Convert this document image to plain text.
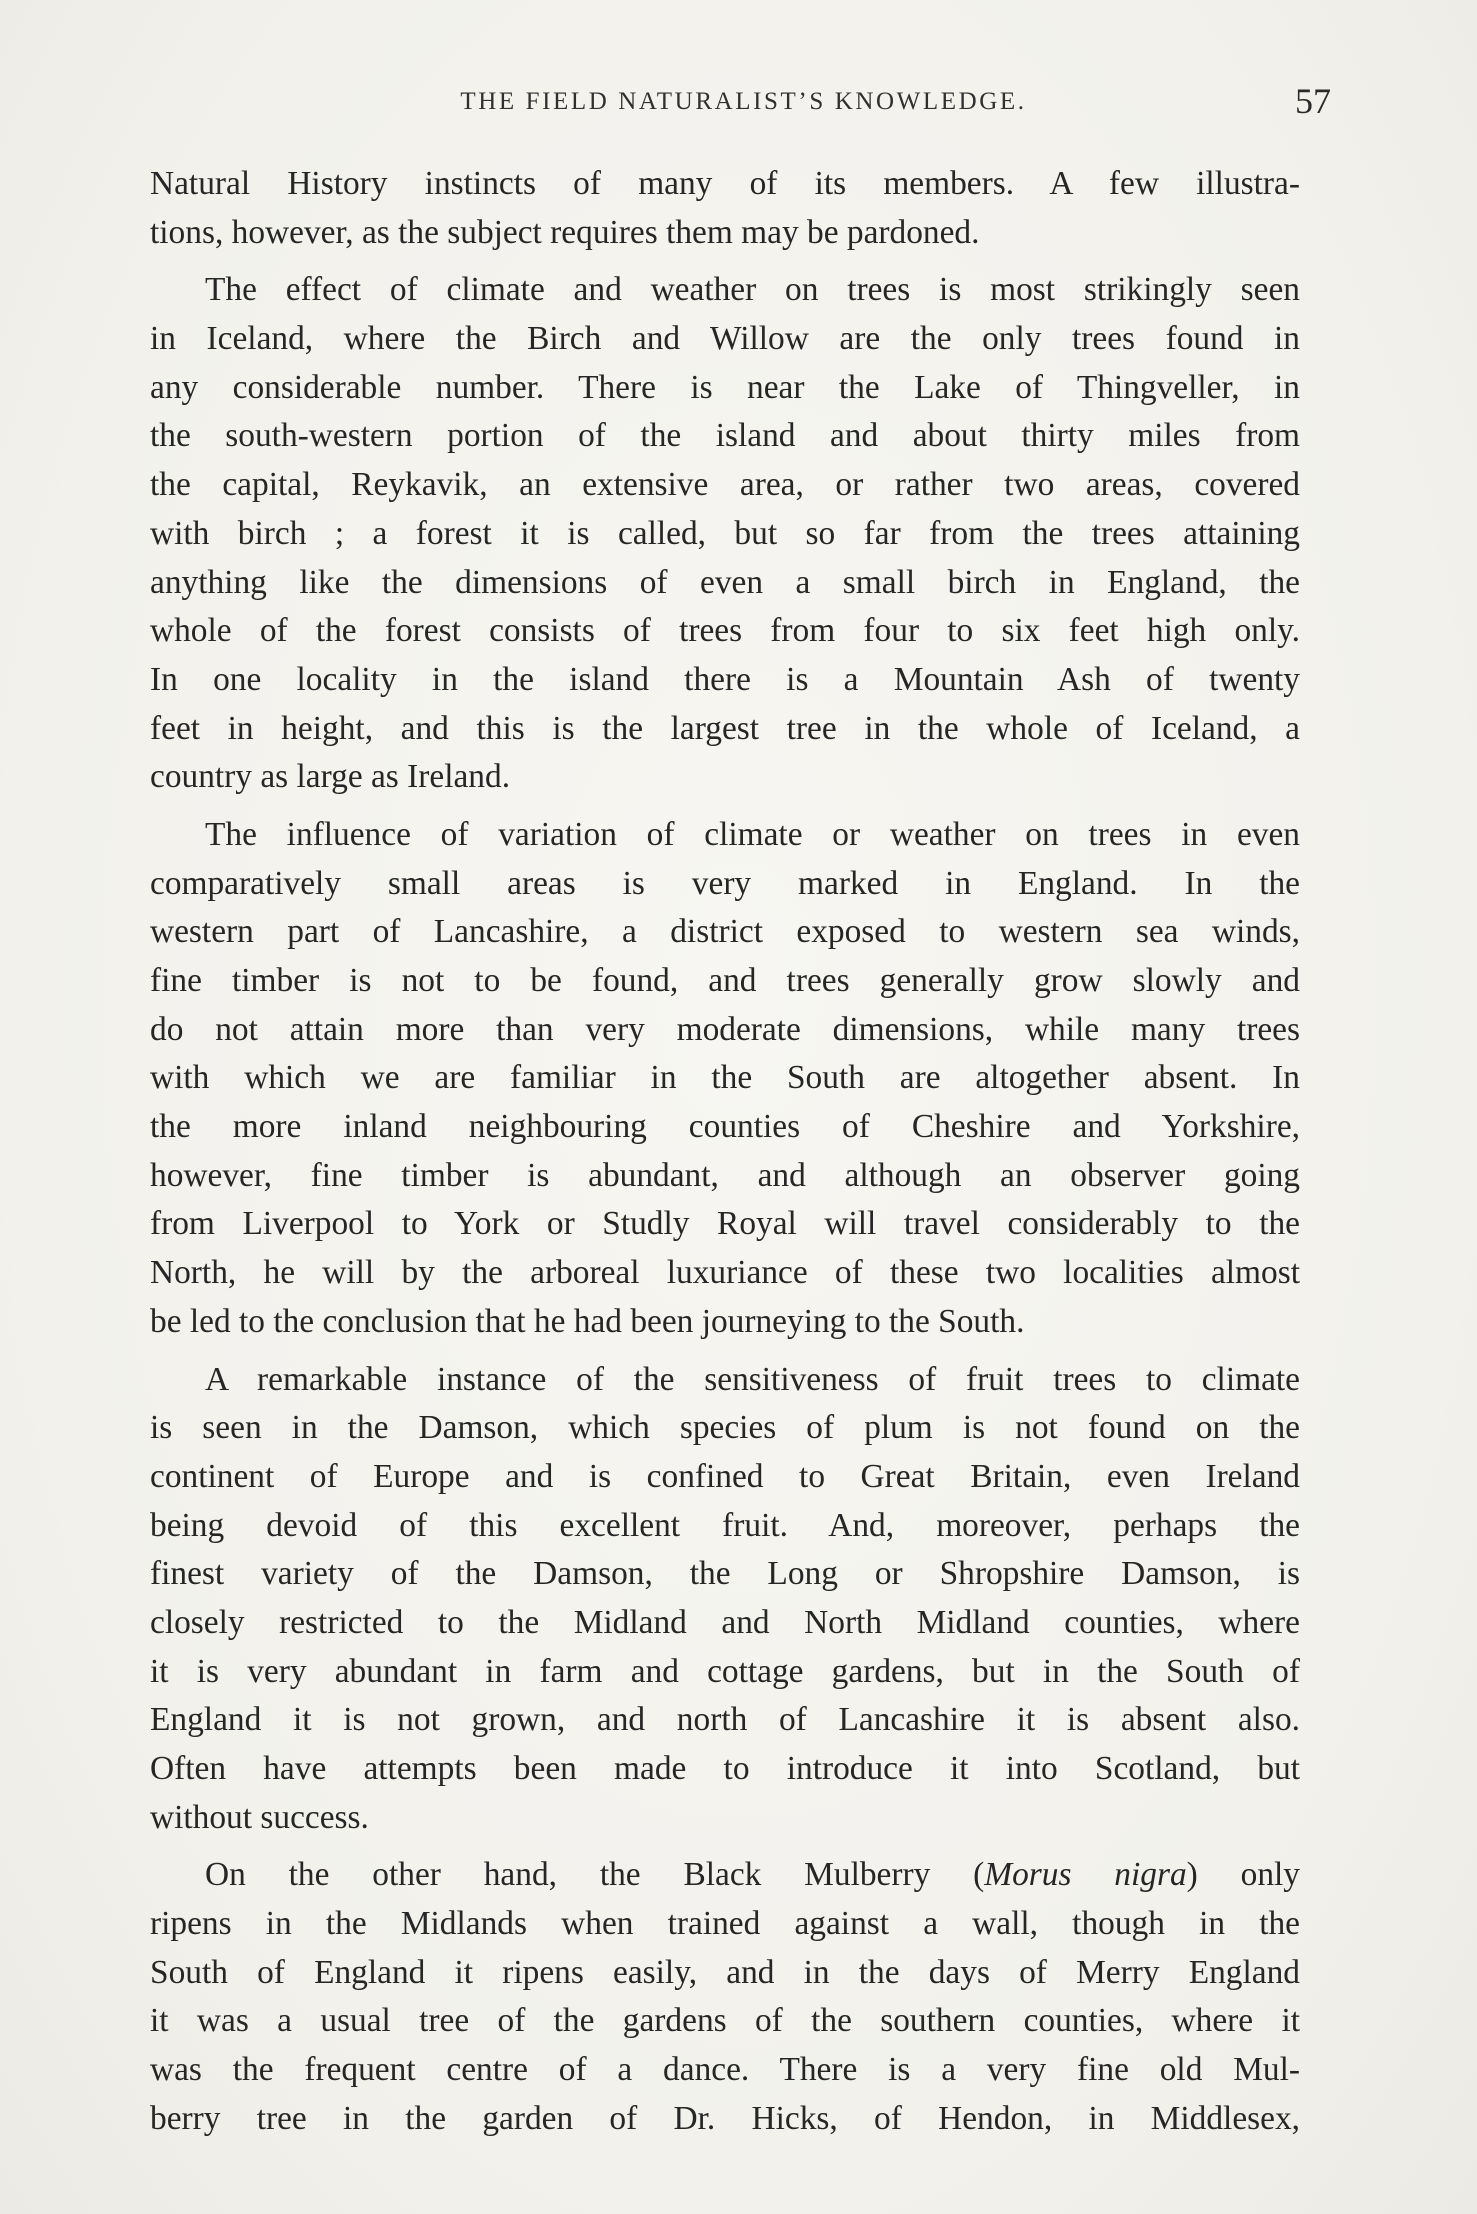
THE FIELD NATURALIST’S KNOWLEDGE.	57
Natural History instincts of many of its members. A few illustra-
tions, however, as the subject requires them may be pardoned.
The effect of climate and weather on trees is most strikingly seen
in Iceland, where the Birch and Willow are the only trees found in
any considerable number. There is near the Lake of Thingveller, in
the south-western portion of the island and about thirty miles from
the capital, Reykavik, an extensive area, or rather two areas, covered
with birch ; a forest it is called, but so far from the trees attaining
anything like the dimensions of even a small birch in England, the
whole of the forest consists of trees from four to six feet high only.
In one locality in the island there is a Mountain Ash of twenty
feet in height, and this is the largest tree in the whole of Iceland, a
country as large as Ireland.
The influence of variation of climate or weather on trees in even
comparatively small areas is very marked in England. In the
western part of Lancashire, a district exposed to western sea winds,
fine timber is not to be found, and trees generally grow slowly and
do not attain more than very moderate dimensions, while many trees
with which we are familiar in the South are altogether absent. In
the more inland neighbouring counties of Cheshire and Yorkshire,
however, fine timber is abundant, and although an observer going
from Liverpool to York or Studly Royal will travel considerably to the
North, he will by the arboreal luxuriance of these two localities almost
be led to the conclusion that he had been journeying to the South.
A remarkable instance of the sensitiveness of fruit trees to climate
is seen in the Damson, which species of plum is not found on the
continent of Europe and is confined to Great Britain, even Ireland
being devoid of this excellent fruit. And, moreover, perhaps the
finest variety of the Damson, the Long or Shropshire Damson, is
closely restricted to the Midland and North Midland counties, where
it is very abundant in farm and cottage gardens, but in the South of
England it is not grown, and north of Lancashire it is absent also.
Often have attempts been made to introduce it into Scotland, but
without success.
On the other hand, the Black Mulberry (Morus nigra) only
ripens in the Midlands when trained against a wall, though in the
South of England it ripens easily, and in the days of Merry England
it was a usual tree of the gardens of the southern counties, where it
was the frequent centre of a dance. There is a very fine old Mul-
berry tree in the garden of Dr. Hicks, of Hendon, in Middlesex,
